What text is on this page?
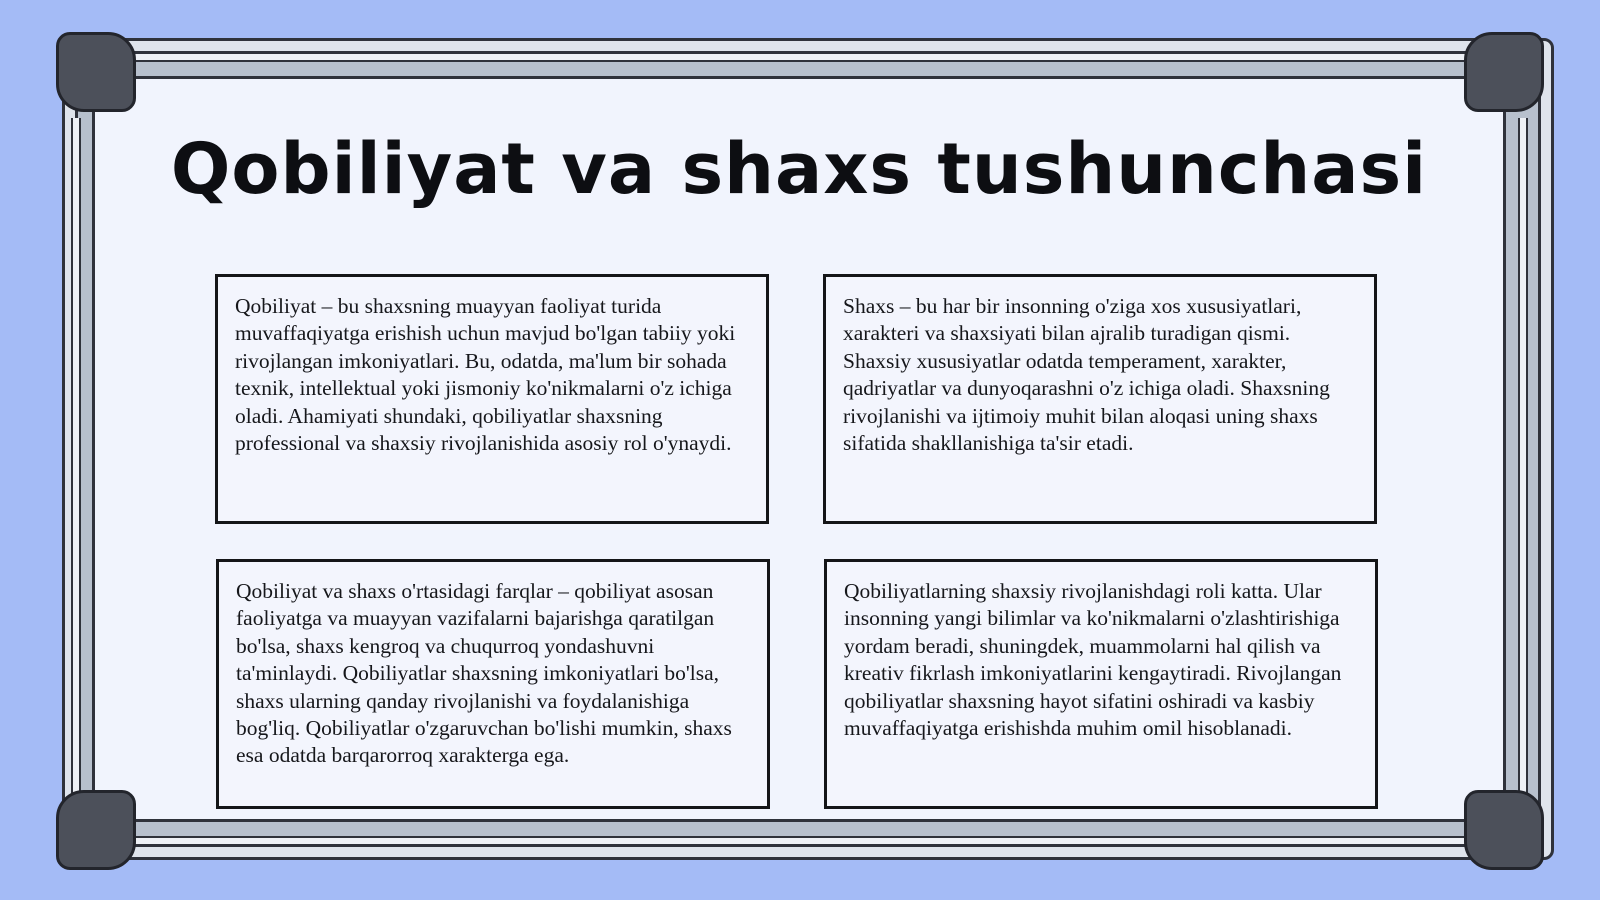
Qobiliyat va shaxs tushunchasi
Qobiliyat – bu shaxsning muayyan faoliyat turida muvaffaqiyatga erishish uchun mavjud bo'lgan tabiiy yoki rivojlangan imkoniyatlari. Bu, odatda, ma'lum bir sohada texnik, intellektual yoki jismoniy ko'nikmalarni o'z ichiga oladi. Ahamiyati shundaki, qobiliyatlar shaxsning professional va shaxsiy rivojlanishida asosiy rol o'ynaydi.
Shaxs – bu har bir insonning o'ziga xos xususiyatlari, xarakteri va shaxsiyati bilan ajralib turadigan qismi. Shaxsiy xususiyatlar odatda temperament, xarakter, qadriyatlar va dunyoqarashni o'z ichiga oladi. Shaxsning rivojlanishi va ijtimoiy muhit bilan aloqasi uning shaxs sifatida shakllanishiga ta'sir etadi.
Qobiliyat va shaxs o'rtasidagi farqlar – qobiliyat asosan faoliyatga va muayyan vazifalarni bajarishga qaratilgan bo'lsa, shaxs kengroq va chuqurroq yondashuvni ta'minlaydi. Qobiliyatlar shaxsning imkoniyatlari bo'lsa, shaxs ularning qanday rivojlanishi va foydalanishiga bog'liq. Qobiliyatlar o'zgaruvchan bo'lishi mumkin, shaxs esa odatda barqarorroq xarakterga ega.
Qobiliyatlarning shaxsiy rivojlanishdagi roli katta. Ular insonning yangi bilimlar va ko'nikmalarni o'zlashtirishiga yordam beradi, shuningdek, muammolarni hal qilish va kreativ fikrlash imkoniyatlarini kengaytiradi. Rivojlangan qobiliyatlar shaxsning hayot sifatini oshiradi va kasbiy muvaffaqiyatga erishishda muhim omil hisoblanadi.
